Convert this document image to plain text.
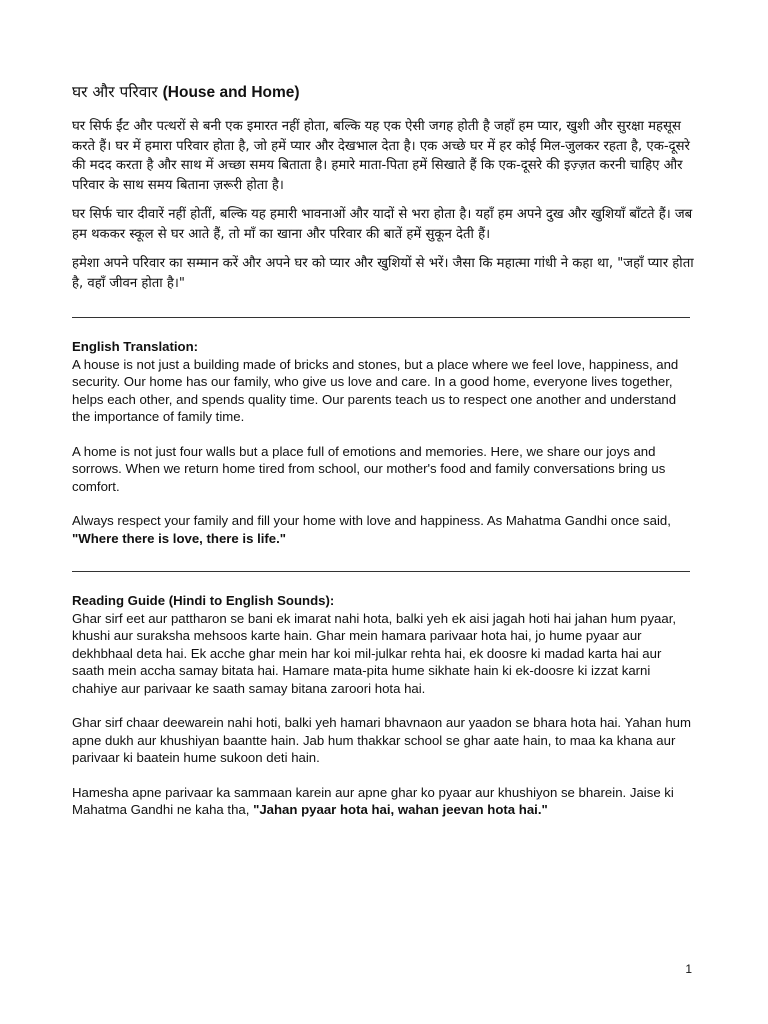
घर और परिवार (House and Home)

घर सिर्फ ईंट और पत्थरों से बनी एक इमारत नहीं होता, बल्कि यह एक ऐसी जगह होती है जहाँ हम प्यार, खुशी और सुरक्षा महसूस करते हैं। घर में हमारा परिवार होता है, जो हमें प्यार और देखभाल देता है। एक अच्छे घर में हर कोई मिल-जुलकर रहता है, एक-दूसरे की मदद करता है और साथ में अच्छा समय बिताता है। हमारे माता-पिता हमें सिखाते हैं कि एक-दूसरे की इज़्ज़त करनी चाहिए और परिवार के साथ समय बिताना ज़रूरी होता है।

घर सिर्फ चार दीवारें नहीं होतीं, बल्कि यह हमारी भावनाओं और यादों से भरा होता है। यहाँ हम अपने दुख और खुशियाँ बाँटते हैं। जब हम थककर स्कूल से घर आते हैं, तो माँ का खाना और परिवार की बातें हमें सुकून देती हैं।

हमेशा अपने परिवार का सम्मान करें और अपने घर को प्यार और खुशियों से भरें। जैसा कि महात्मा गांधी ने कहा था, "जहाँ प्यार होता है, वहाँ जीवन होता है।"

English Translation:

A house is not just a building made of bricks and stones, but a place where we feel love, happiness, and security. Our home has our family, who give us love and care. In a good home, everyone lives together, helps each other, and spends quality time. Our parents teach us to respect one another and understand the importance of family time.

A home is not just four walls but a place full of emotions and memories. Here, we share our joys and sorrows. When we return home tired from school, our mother's food and family conversations bring us comfort.

Always respect your family and fill your home with love and happiness. As Mahatma Gandhi once said, "Where there is love, there is life."

Reading Guide (Hindi to English Sounds):

Ghar sirf eet aur pattharon se bani ek imarat nahi hota, balki yeh ek aisi jagah hoti hai jahan hum pyaar, khushi aur suraksha mehsoos karte hain. Ghar mein hamara parivaar hota hai, jo hume pyaar aur dekhbhaal deta hai. Ek acche ghar mein har koi mil-julkar rehta hai, ek doosre ki madad karta hai aur saath mein accha samay bitata hai. Hamare mata-pita hume sikhate hain ki ek-doosre ki izzat karni chahiye aur parivaar ke saath samay bitana zaroori hota hai.

Ghar sirf chaar deewarein nahi hoti, balki yeh hamari bhavnaon aur yaadon se bhara hota hai. Yahan hum apne dukh aur khushiyan baantte hain. Jab hum thakkar school se ghar aate hain, to maa ka khana aur parivaar ki baatein hume sukoon deti hain.

Hamesha apne parivaar ka sammaan karein aur apne ghar ko pyaar aur khushiyon se bharein. Jaise ki Mahatma Gandhi ne kaha tha, "Jahan pyaar hota hai, wahan jeevan hota hai."

1
